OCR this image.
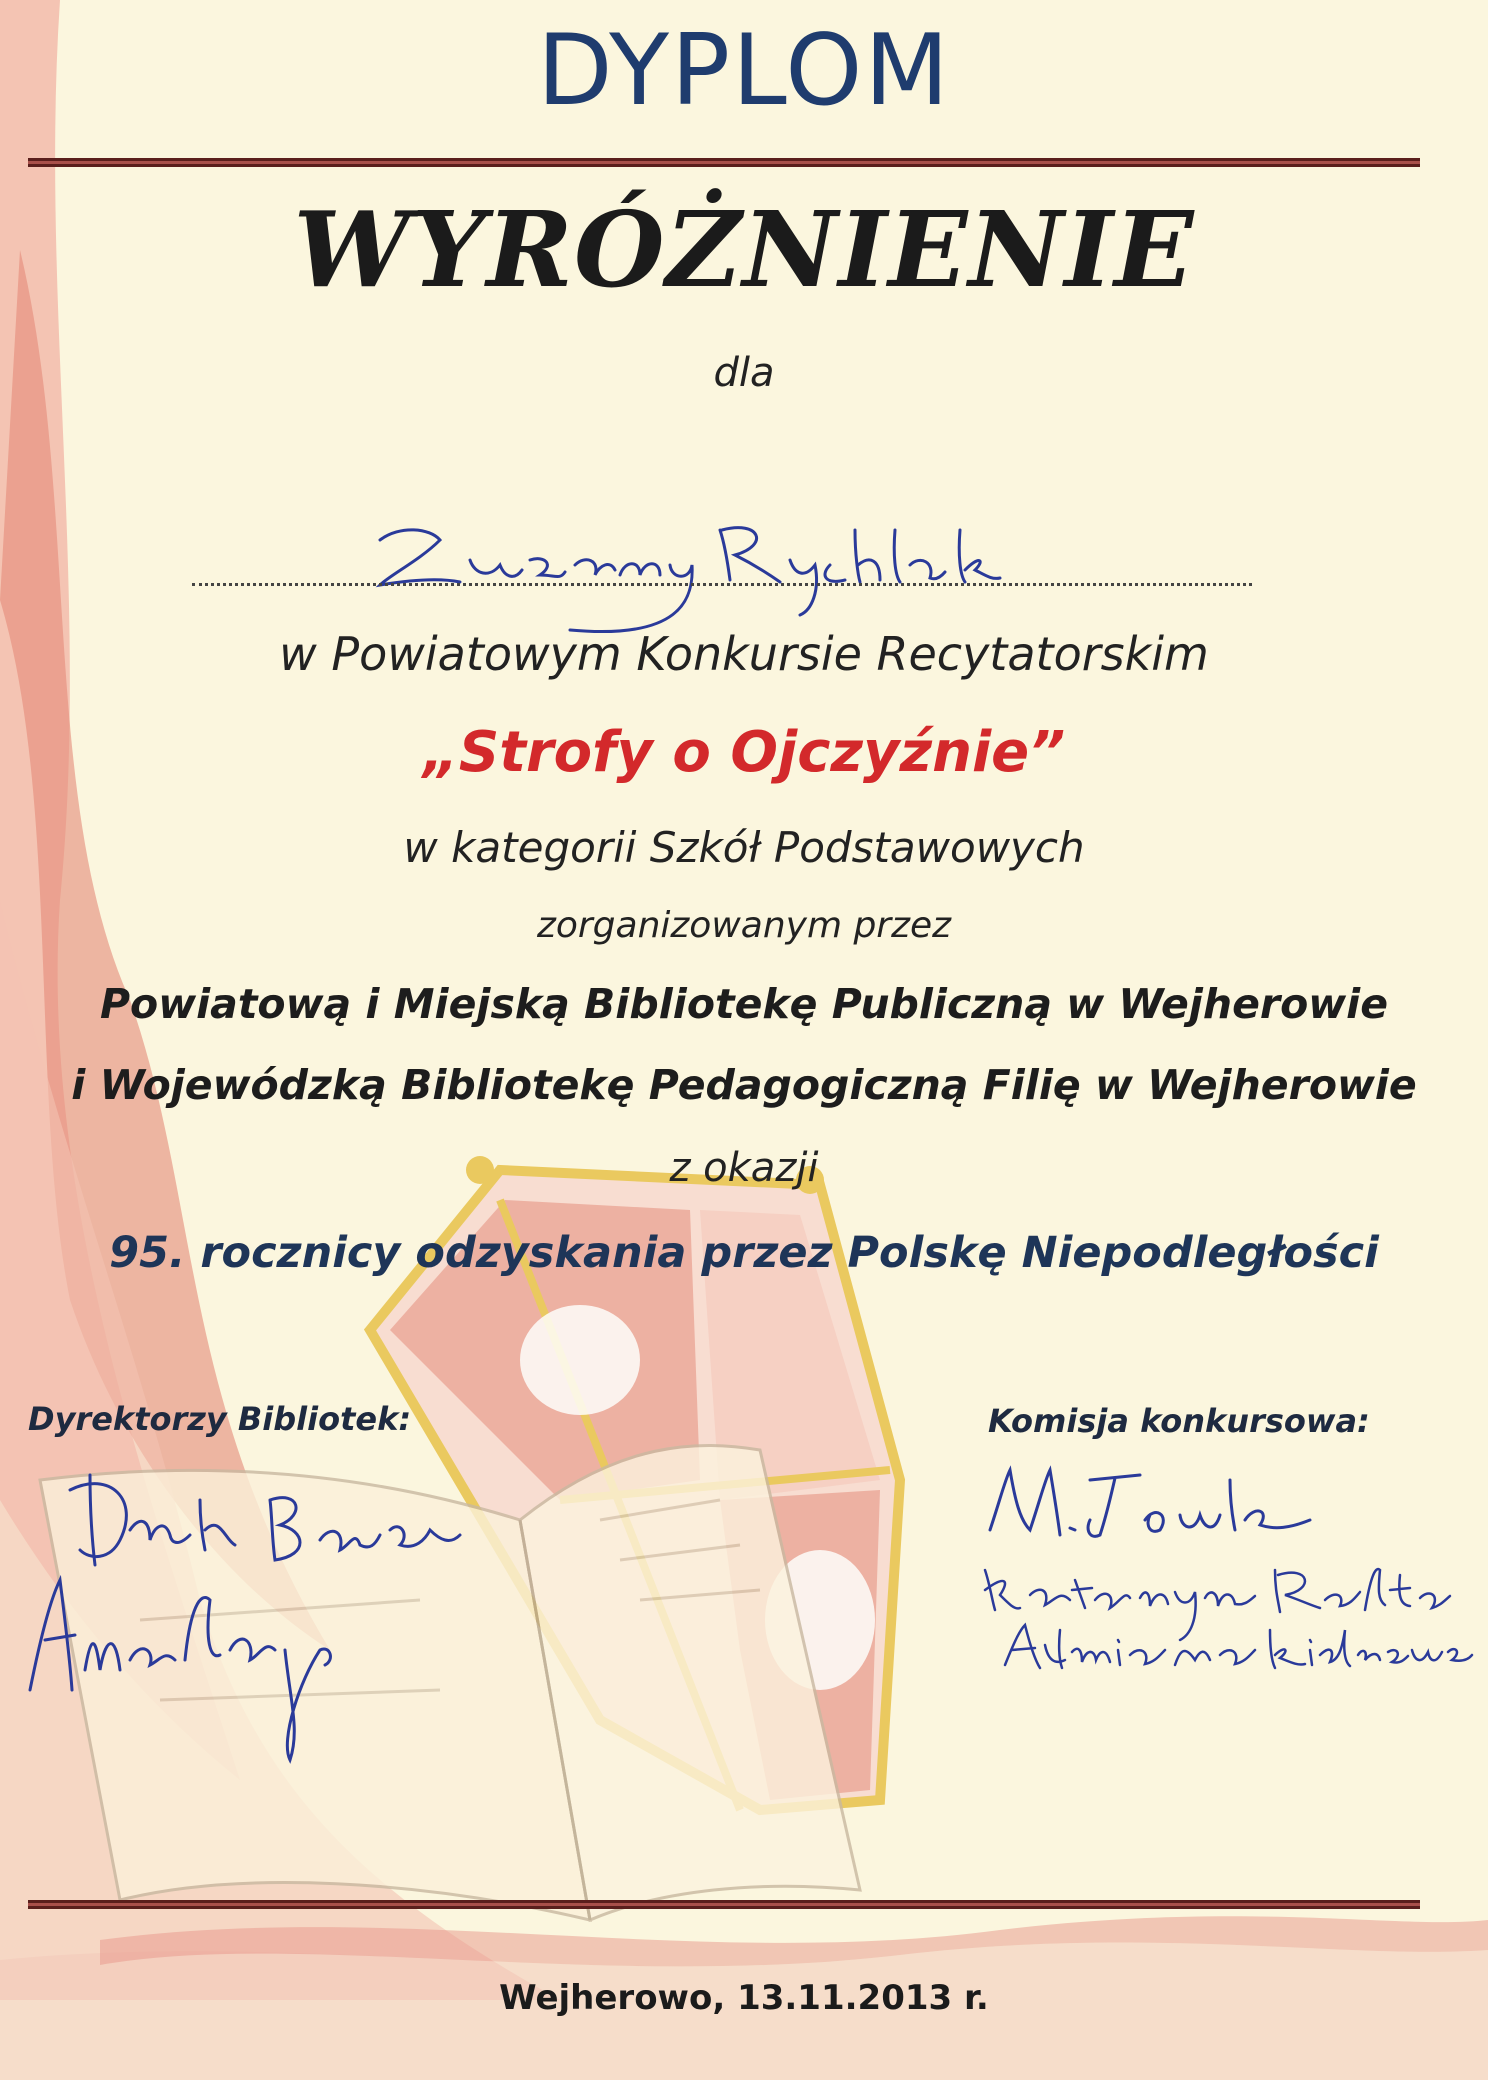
DYPLOM
WYRÓŻNIENIE
dla
w Powiatowym Konkursie Recytatorskim
„Strofy o Ojczyźnie”
w kategorii Szkół Podstawowych
zorganizowanym przez
Powiatową i Miejską Bibliotekę Publiczną w Wejherowie
i Wojewódzką Bibliotekę Pedagogiczną Filię w Wejherowie
z okazji
95. rocznicy odzyskania przez Polskę Niepodległości
Dyrektorzy Bibliotek:	Komisja konkursowa:
Wejherowo, 13.11.2013 r.
